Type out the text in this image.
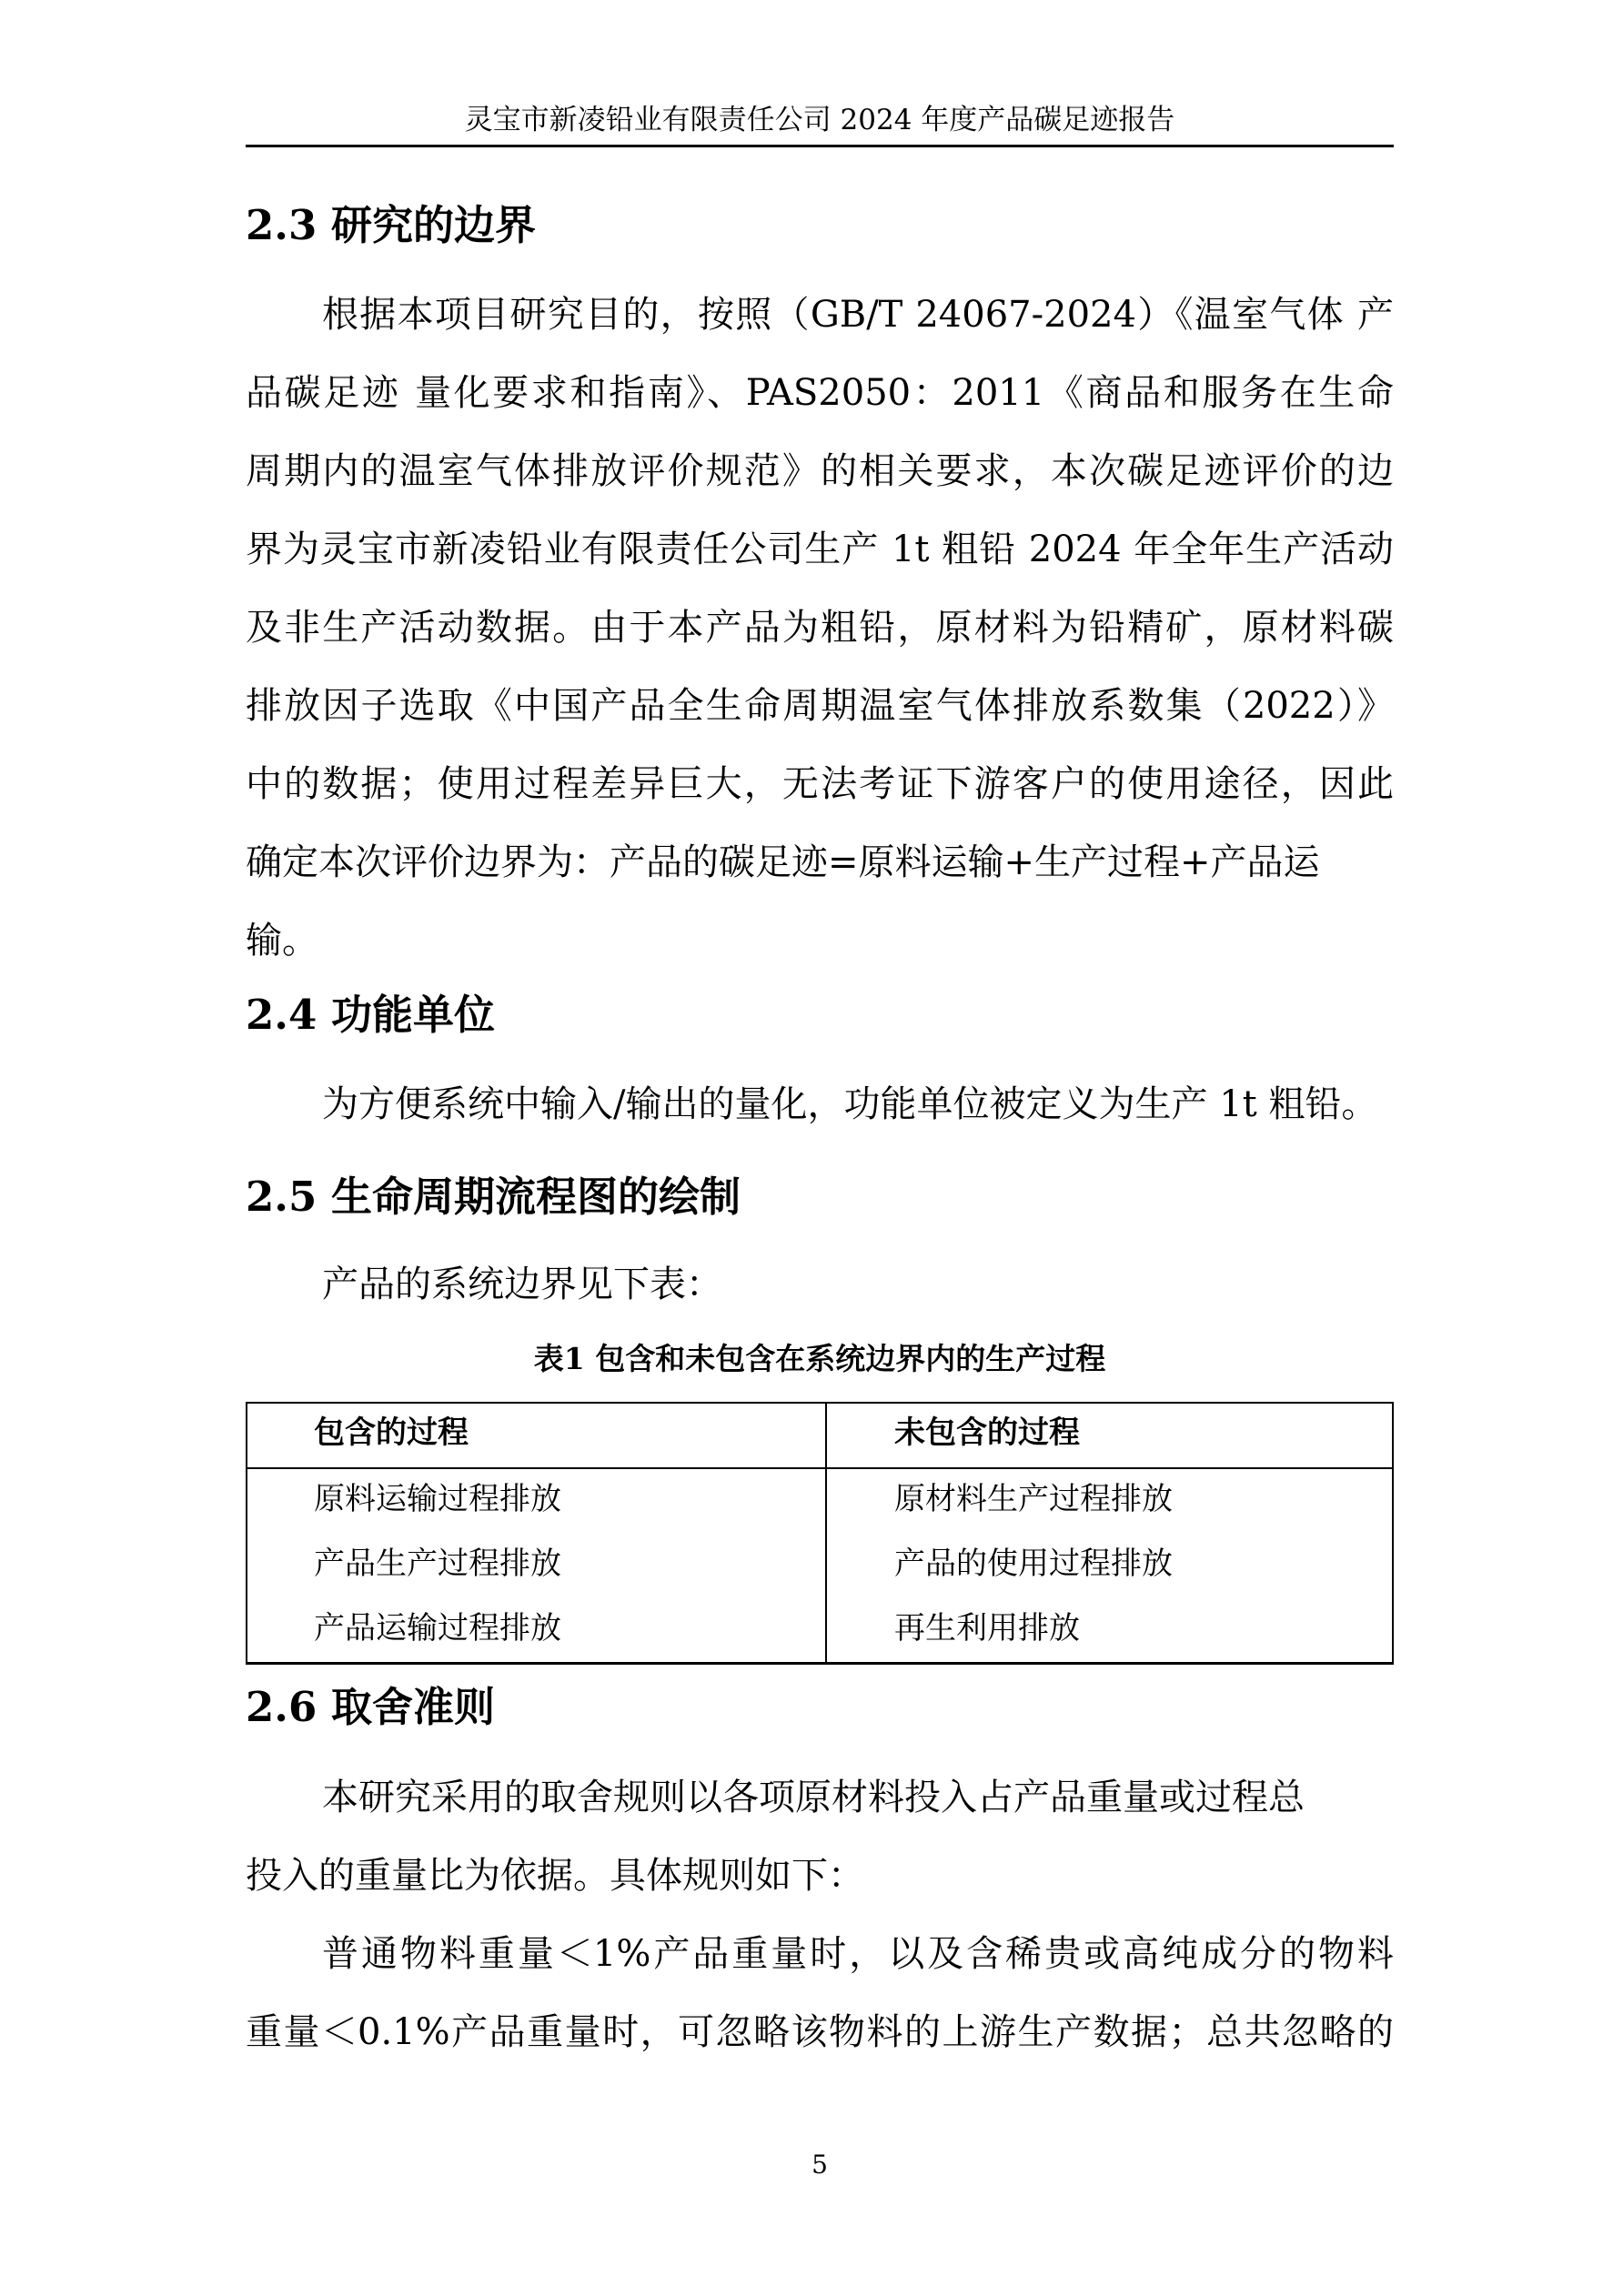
灵宝市新凌铅业有限责任公司 2024 年度产品碳足迹报告
2.3 研究的边界
根据本项目研究目的，按照（GB/T 24067-2024）《温室气体 产
品碳足迹 量化要求和指南》、PAS2050：2011《商品和服务在生命
周期内的温室气体排放评价规范》的相关要求，本次碳足迹评价的边
界为灵宝市新凌铅业有限责任公司生产 1t 粗铅 2024 年全年生产活动
及非生产活动数据。由于本产品为粗铅，原材料为铅精矿，原材料碳
排放因子选取《中国产品全生命周期温室气体排放系数集（2022）》
中的数据；使用过程差异巨大，无法考证下游客户的使用途径，因此
确定本次评价边界为：产品的碳足迹=原料运输+生产过程+产品运
输。
2.4 功能单位
为方便系统中输入/输出的量化，功能单位被定义为生产 1t 粗铅。
2.5 生命周期流程图的绘制
产品的系统边界见下表：
表1 包含和未包含在系统边界内的生产过程
包含的过程	未包含的过程
原料运输过程排放	原材料生产过程排放
产品生产过程排放	产品的使用过程排放
产品运输过程排放	再生利用排放
2.6 取舍准则
本研究采用的取舍规则以各项原材料投入占产品重量或过程总
投入的重量比为依据。具体规则如下：
普通物料重量＜1%产品重量时，以及含稀贵或高纯成分的物料
重量＜0.1%产品重量时，可忽略该物料的上游生产数据；总共忽略的
5
